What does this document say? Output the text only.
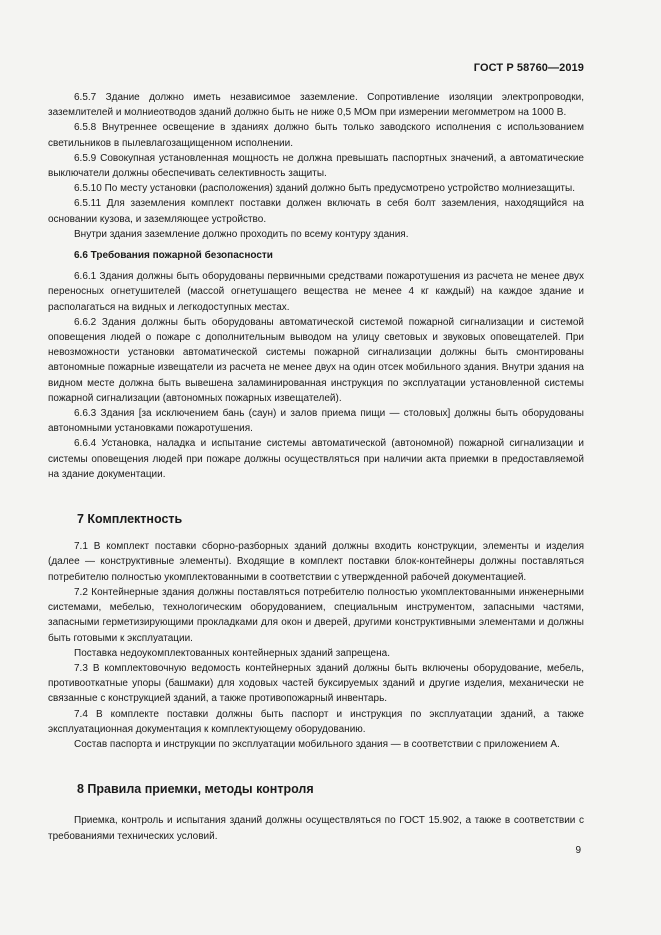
ГОСТ Р 58760—2019

6.5.7 Здание должно иметь независимое заземление. Сопротивление изоляции электропроводки, заземлителей и молниеотводов зданий должно быть не ниже 0,5 МОм при измерении мегомметром на 1000 В.

6.5.8 Внутреннее освещение в зданиях должно быть только заводского исполнения с использованием светильников в пылевлагозащищенном исполнении.

6.5.9 Совокупная установленная мощность не должна превышать паспортных значений, а автоматические выключатели должны обеспечивать селективность защиты.

6.5.10 По месту установки (расположения) зданий должно быть предусмотрено устройство молниезащиты.

6.5.11 Для заземления комплект поставки должен включать в себя болт заземления, находящийся на основании кузова, и заземляющее устройство.

Внутри здания заземление должно проходить по всему контуру здания.

6.6 Требования пожарной безопасности

6.6.1 Здания должны быть оборудованы первичными средствами пожаротушения из расчета не менее двух переносных огнетушителей (массой огнетушащего вещества не менее 4 кг каждый) на каждое здание и располагаться на видных и легкодоступных местах.

6.6.2 Здания должны быть оборудованы автоматической системой пожарной сигнализации и системой оповещения людей о пожаре с дополнительным выводом на улицу световых и звуковых оповещателей. При невозможности установки автоматической системы пожарной сигнализации должны быть смонтированы автономные пожарные извещатели из расчета не менее двух на один отсек мобильного здания. Внутри здания на видном месте должна быть вывешена заламинированная инструкция по эксплуатации установленной системы пожарной сигнализации (автономных пожарных извещателей).

6.6.3 Здания [за исключением бань (саун) и залов приема пищи — столовых] должны быть оборудованы автономными установками пожаротушения.

6.6.4 Установка, наладка и испытание системы автоматической (автономной) пожарной сигнализации и системы оповещения людей при пожаре должны осуществляться при наличии акта приемки в предоставляемой на здание документации.

7 Комплектность

7.1 В комплект поставки сборно-разборных зданий должны входить конструкции, элементы и изделия (далее — конструктивные элементы). Входящие в комплект поставки блок-контейнеры должны поставляться потребителю полностью укомплектованными в соответствии с утвержденной рабочей документацией.

7.2 Контейнерные здания должны поставляться потребителю полностью укомплектованными инженерными системами, мебелью, технологическим оборудованием, специальным инструментом, запасными частями, запасными герметизирующими прокладками для окон и дверей, другими конструктивными элементами и должны быть готовыми к эксплуатации.

Поставка недоукомплектованных контейнерных зданий запрещена.

7.3 В комплектовочную ведомость контейнерных зданий должны быть включены оборудование, мебель, противооткатные упоры (башмаки) для ходовых частей буксируемых зданий и другие изделия, механически не связанные с конструкцией зданий, а также противопожарный инвентарь.

7.4 В комплекте поставки должны быть паспорт и инструкция по эксплуатации зданий, а также эксплуатационная документация к комплектующему оборудованию.

Состав паспорта и инструкции по эксплуатации мобильного здания — в соответствии с приложением А.

8 Правила приемки, методы контроля

Приемка, контроль и испытания зданий должны осуществляться по ГОСТ 15.902, а также в соответствии с требованиями технических условий.

9
